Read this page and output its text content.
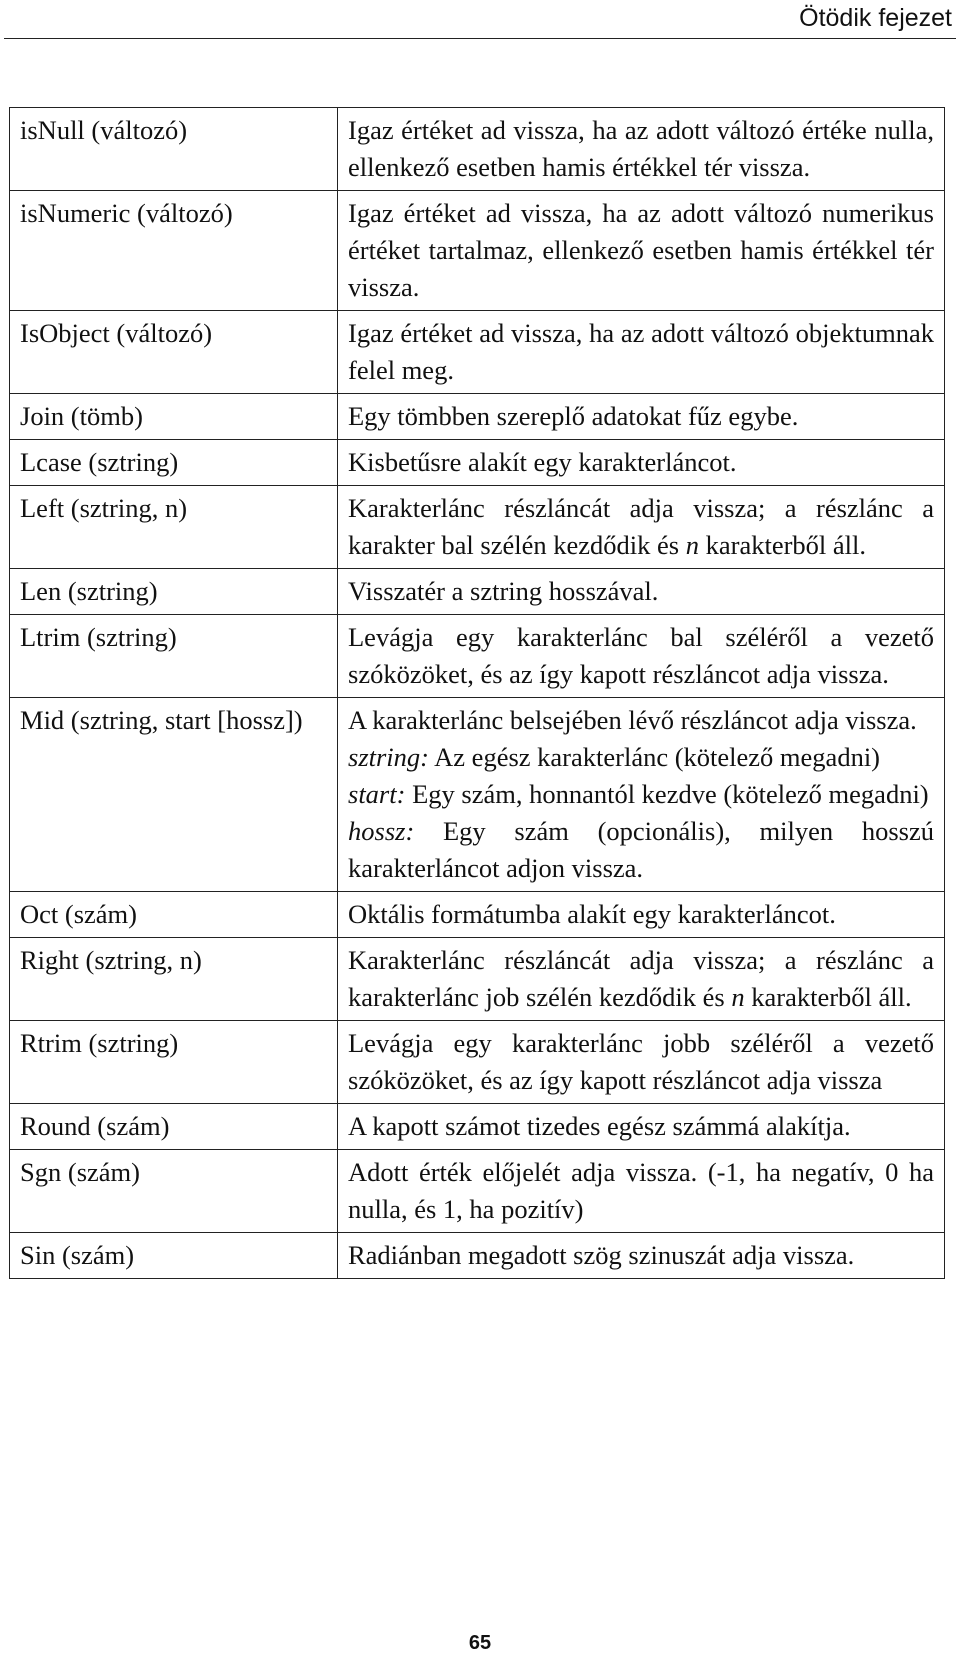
Ötödik fejezet
isNull (változó)	Igaz értéket ad vissza, ha az adott változó értéke nulla, ellenkező esetben hamis értékkel tér vissza.
isNumeric (változó)	Igaz értéket ad vissza, ha az adott változó numerikus értéket tartalmaz, ellenkező esetben hamis értékkel tér vissza.
IsObject (változó)	Igaz értéket ad vissza, ha az adott változó objektumnak felel meg.
Join (tömb)	Egy tömbben szereplő adatokat fűz egybe.
Lcase (sztring)	Kisbetűsre alakít egy karakterláncot.
Left (sztring, n)	Karakterlánc részláncát adja vissza; a részlánc a karakter bal szélén kezdődik és n karakterből áll.
Len (sztring)	Visszatér a sztring hosszával.
Ltrim (sztring)	Levágja egy karakterlánc bal széléről a vezető szóközöket, és az így kapott részláncot adja vissza.
Mid (sztring, start [hossz])	A karakterlánc belsejében lévő részláncot adja vissza.
sztring: Az egész karakterlánc (kötelező megadni)
start: Egy szám, honnantól kezdve (kötelező megadni)
hossz: Egy szám (opcionális), milyen hosszú karakterláncot adjon vissza.

Oct (szám)	Oktális formátumba alakít egy karakterláncot.
Right (sztring, n)	Karakterlánc részláncát adja vissza; a részlánc a karakterlánc job szélén kezdődik és n karakterből áll.
Rtrim (sztring)	Levágja egy karakterlánc jobb széléről a vezető szóközöket, és az így kapott részláncot adja vissza
Round (szám)	A kapott számot tizedes egész számmá alakítja.
Sgn (szám)	Adott érték előjelét adja vissza. (-1, ha negatív, 0 ha nulla, és 1, ha pozitív)
Sin (szám)	Radiánban megadott szög szinuszát adja vissza.
65
